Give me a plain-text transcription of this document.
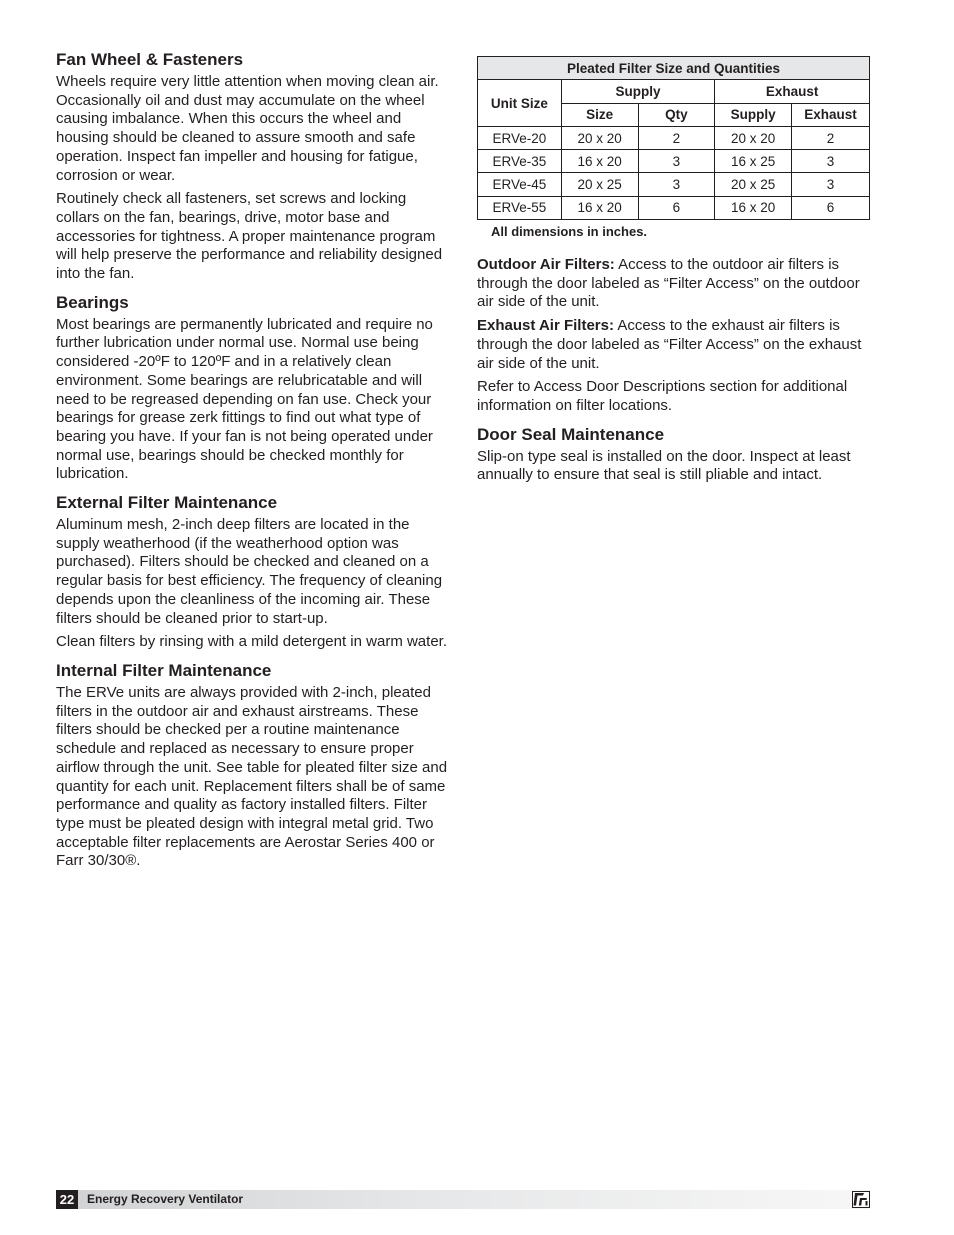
Fan Wheel & Fasteners

Wheels require very little attention when moving clean air. Occasionally oil and dust may accumulate on the wheel causing imbalance. When this occurs the wheel and housing should be cleaned to assure smooth and safe operation. Inspect fan impeller and housing for fatigue, corrosion or wear.

Routinely check all fasteners, set screws and locking collars on the fan, bearings, drive, motor base and accessories for tightness. A proper maintenance program will help preserve the performance and reliability designed into the fan.

Bearings

Most bearings are permanently lubricated and require no further lubrication under normal use. Normal use being considered -20ºF to 120ºF and in a relatively clean environment. Some bearings are relubricatable and will need to be regreased depending on fan use. Check your bearings for grease zerk fittings to find out what type of bearing you have. If your fan is not being operated under normal use, bearings should be checked monthly for lubrication.

External Filter Maintenance

Aluminum mesh, 2-inch deep filters are located in the supply weatherhood (if the weatherhood option was purchased). Filters should be checked and cleaned on a regular basis for best efficiency. The frequency of cleaning depends upon the cleanliness of the incoming air. These filters should be cleaned prior to start-up.

Clean filters by rinsing with a mild detergent in warm water.

Internal Filter Maintenance

The ERVe units are always provided with 2-inch, pleated filters in the outdoor air and exhaust airstreams. These filters should be checked per a routine maintenance schedule and replaced as necessary to ensure proper airflow through the unit. See table for pleated filter size and quantity for each unit. Replacement filters shall be of same performance and quality as factory installed filters. Filter type must be pleated design with integral metal grid. Two acceptable filter replacements are Aerostar Series 400 or Farr 30/30®.

Pleated Filter Size and Quantities				
Unit Size	Supply		Exhaust	
	Size	Qty	Supply	Exhaust
ERVe-20	20 x 20	2	20 x 20	2
ERVe-35	16 x 20	3	16 x 25	3
ERVe-45	20 x 25	3	20 x 25	3
ERVe-55	16 x 20	6	16 x 20	6
All dimensions in inches.

Outdoor Air Filters: Access to the outdoor air filters is through the door labeled as “Filter Access” on the outdoor air side of the unit.

Exhaust Air Filters: Access to the exhaust air filters is through the door labeled as “Filter Access” on the exhaust air side of the unit.

Refer to Access Door Descriptions section for additional information on filter locations.

Door Seal Maintenance

Slip-on type seal is installed on the door. Inspect at least annually to ensure that seal is still pliable and intact.

22	Energy Recovery Ventilator
